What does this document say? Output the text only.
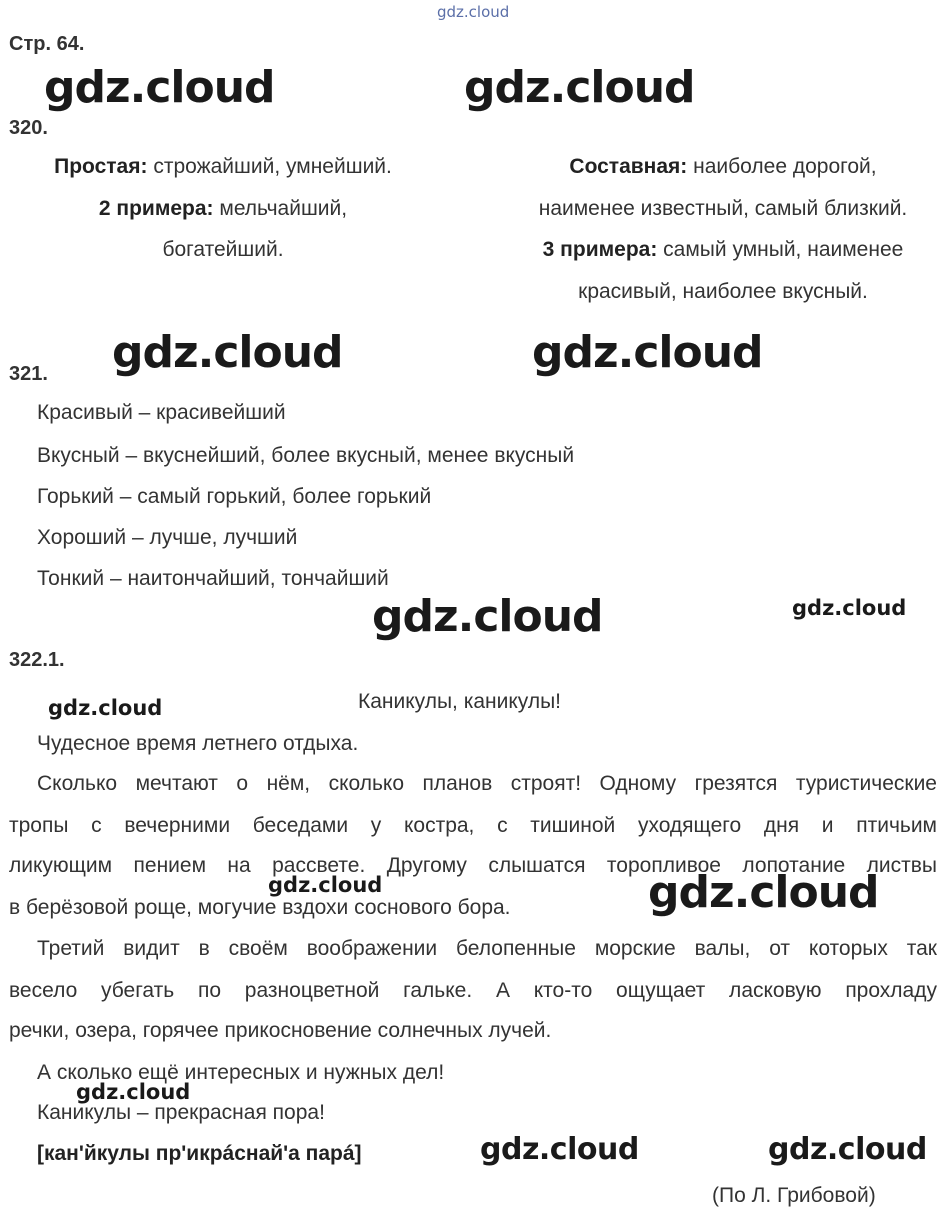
gdz.cloud
Стр. 64.
gdz.cloud	gdz.cloud
320.
Простая: строжайший, умнейший.
2 примера: мельчайший,
богатейший.
Составная: наиболее дорогой,
наименее известный, самый близкий.
3 примера: самый умный, наименее
красивый, наиболее вкусный.
gdz.cloud	gdz.cloud
321.
Красивый – красивейший
Вкусный – вкуснейший, более вкусный, менее вкусный
Горький – самый горький, более горький
Хороший – лучше, лучший
Тонкий – наитончайший, тончайший
gdz.cloud	gdz.cloud
322.1.
gdz.cloud	Каникулы, каникулы!
Чудесное время летнего отдыха.
Сколько мечтают о нём, сколько планов строят! Одному грезятся туристические
тропы с вечерними беседами у костра, с тишиной уходящего дня и птичьим
ликующим пением на рассвете. Другому слышатся торопливое лопотание листвы
в берёзовой роще, могучие вздохи соснового бора.
gdz.cloud	gdz.cloud
Третий видит в своём воображении белопенные морские валы, от которых так
весело убегать по разноцветной гальке. А кто-то ощущает ласковую прохладу
речки, озера, горячее прикосновение солнечных лучей.
А сколько ещё интересных и нужных дел!
gdz.cloud
Каникулы – прекрасная пора!
[кан'йкулы пр'икрáснай'а парá]	gdz.cloud	gdz.cloud
(По Л. Грибовой)
